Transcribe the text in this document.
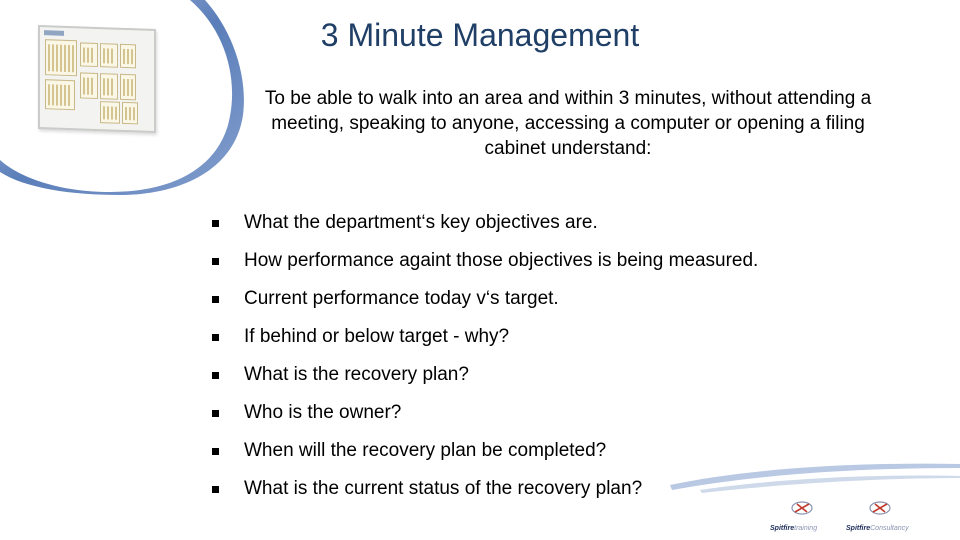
3 Minute Management
To be able to walk into an area and within 3 minutes, without attending a meeting, speaking to anyone, accessing a computer or opening a filing cabinet understand:
What the department‘s key objectives are.
How performance againt those objectives is being measured.
Current performance today v‘s target.
If behind or below target - why?
What is the recovery plan?
Who is the owner?
When will the recovery plan be completed?
What is the current status of the recovery plan?
Spitfiretraining	SpitfireConsultancy
